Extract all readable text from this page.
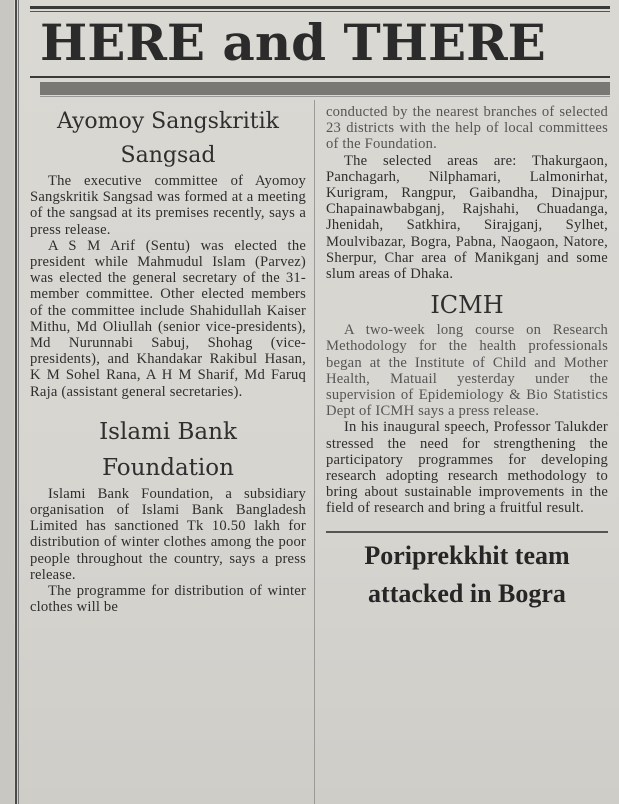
HERE and THERE
Ayomoy Sangskritik
Sangsad

The executive committee of Ayomoy Sangskritik Sangsad was formed at a meeting of the sangsad at its premises recently, says a press release.

A S M Arif (Sentu) was elected the president while Mahmudul Islam (Parvez) was elected the general secretary of the 31-member committee. Other elected members of the committee include Shahidullah Kaiser Mithu, Md Oliullah (senior vice-presidents), Md Nurunnabi Sabuj, Shohag (vice-presidents), and Khandakar Rakibul Hasan, K M Sohel Rana, A H M Sharif, Md Faruq Raja (assistant general secretaries).

Islami Bank
Foundation

Islami Bank Foundation, a subsidiary organisation of Islami Bank Bangladesh Limited has sanctioned Tk 10.50 lakh for distribution of winter clothes among the poor people throughout the country, says a press release.

The programme for distribution of winter clothes will be

conducted by the nearest branches of selected 23 districts with the help of local committees of the Foundation.

The selected areas are: Thakurgaon, Panchagarh, Nilphamari, Lalmonirhat, Kurigram, Rangpur, Gaibandha, Dinajpur, Chapainawbabganj, Rajshahi, Chuadanga, Jhenidah, Satkhira, Sirajganj, Sylhet, Moulvibazar, Bogra, Pabna, Naogaon, Natore, Sherpur, Char area of Manikganj and some slum areas of Dhaka.

ICMH

A two-week long course on Research Methodology for the health professionals began at the Institute of Child and Mother Health, Matuail yesterday under the supervision of Epidemiology & Bio Statistics Dept of ICMH says a press release.

In his inaugural speech, Professor Talukder stressed the need for strengthening the participatory programmes for developing research adopting research methodology to bring about sustainable improvements in the field of research and bring a fruitful result.

Poriprekkhit team
attacked in Bogra
